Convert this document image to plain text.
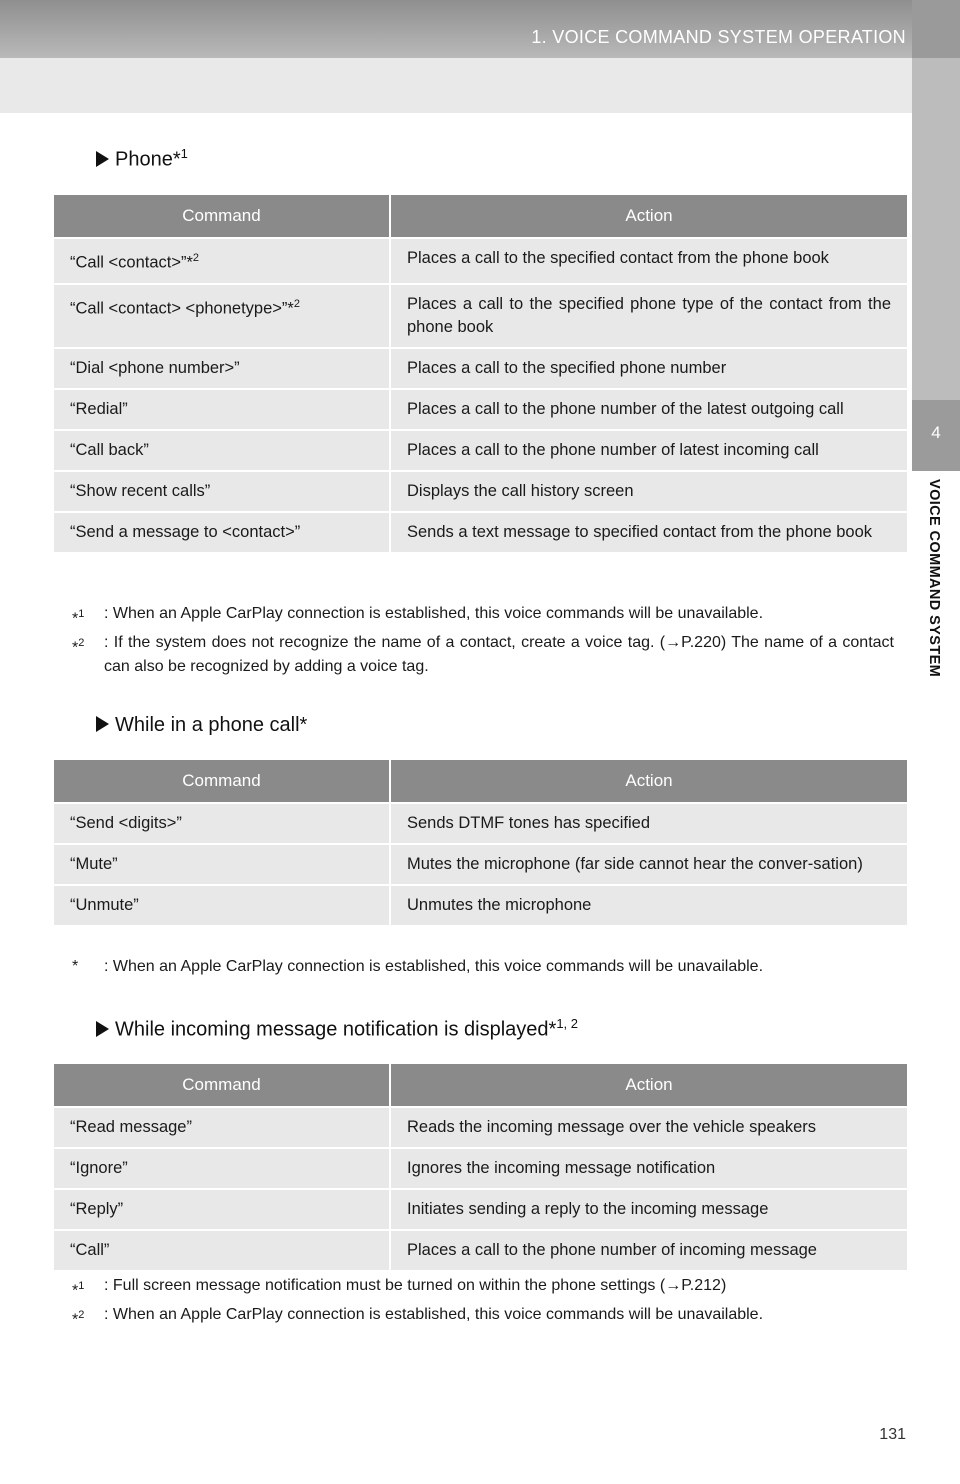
1. VOICE COMMAND SYSTEM OPERATION
4
VOICE COMMAND SYSTEM
Phone*$^1$
Command	Action
“Call <contact>”*$^2$	Places a call to the specified contact from the phone book
“Call <contact> <phonetype>”*$^2$	Places a call to the specified phone type of the contact from the phone book
“Dial <phone number>”	Places a call to the specified phone number
“Redial”	Places a call to the phone number of the latest outgoing call
“Call back”	Places a call to the phone number of latest incoming call
“Show recent calls”	Displays the call history screen
“Send a message to <contact>”	Sends a text message to specified contact from the phone book
*$^1$	: When an Apple CarPlay connection is established, this voice commands will be unavailable.
*$^2$	: If the system does not recognize the name of a contact, create a voice tag. (→P.220) The name of a contact can also be recognized by adding a voice tag.
While in a phone call*
Command	Action
“Send <digits>”	Sends DTMF tones has specified
“Mute”	Mutes the microphone (far side cannot hear the conver-sation)
“Unmute”	Unmutes the microphone
*	: When an Apple CarPlay connection is established, this voice commands will be unavailable.
While incoming message notification is displayed*$^{1, 2}$
Command	Action
“Read message”	Reads the incoming message over the vehicle speakers
“Ignore”	Ignores the incoming message notification
“Reply”	Initiates sending a reply to the incoming message
“Call”	Places a call to the phone number of incoming message
*$^1$	: Full screen message notification must be turned on within the phone settings (→P.212)
*$^2$	: When an Apple CarPlay connection is established, this voice commands will be unavailable.
131
